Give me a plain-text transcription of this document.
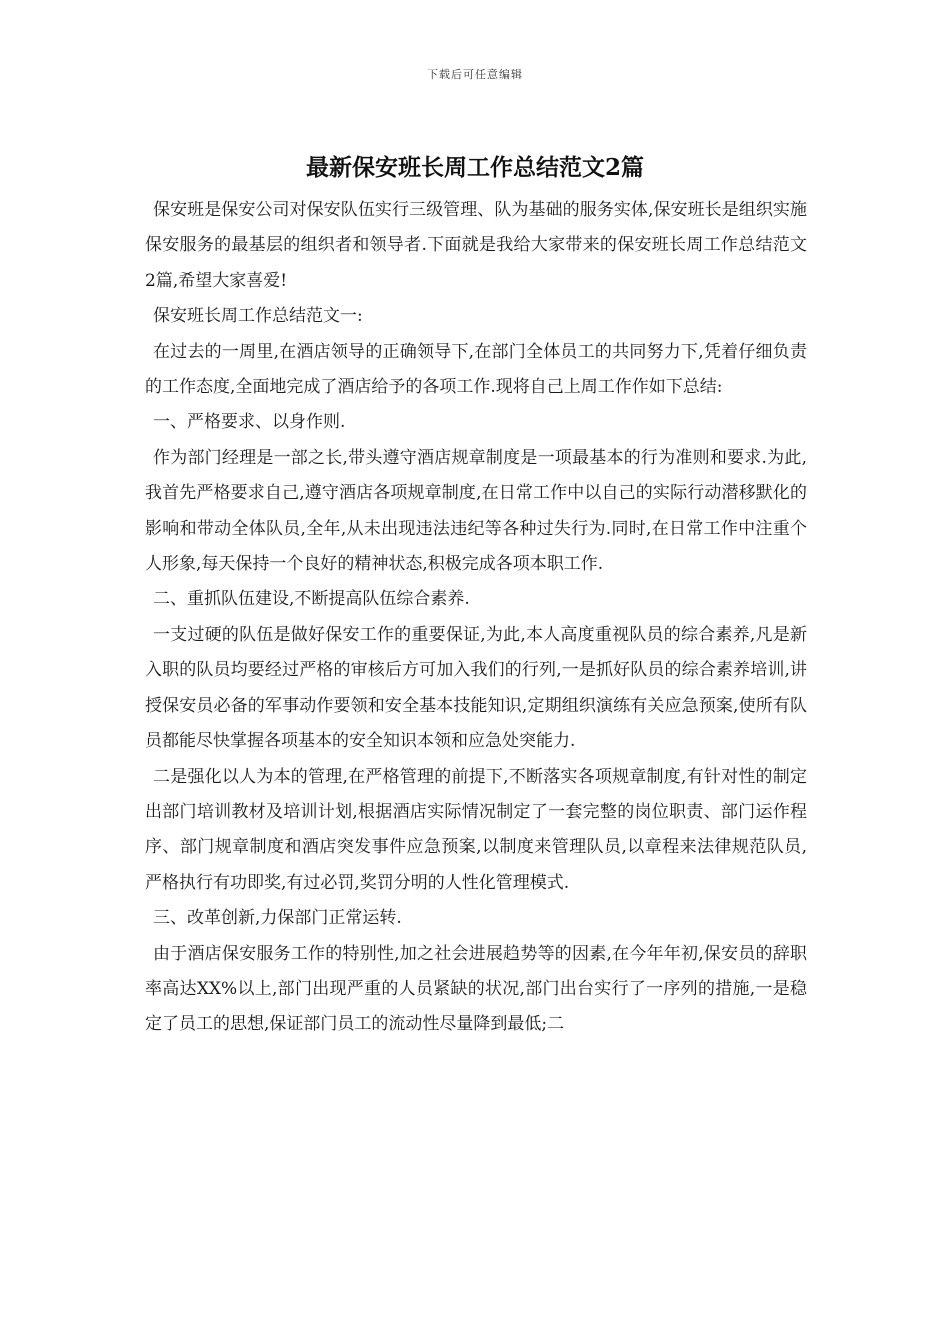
下载后可任意编辑
最新保安班长周工作总结范文2篇

保安班是保安公司对保安队伍实行三级管理、队为基础的服务实体,保安班长是组织实施保安服务的最基层的组织者和领导者.下面就是我给大家带来的保安班长周工作总结范文2篇,希望大家喜爱!

保安班长周工作总结范文一:

在过去的一周里,在酒店领导的正确领导下,在部门全体员工的共同努力下,凭着仔细负责的工作态度,全面地完成了酒店给予的各项工作.现将自己上周工作作如下总结:

一、严格要求、以身作则.

作为部门经理是一部之长,带头遵守酒店规章制度是一项最基本的行为准则和要求.为此,我首先严格要求自己,遵守酒店各项规章制度,在日常工作中以自己的实际行动潜移默化的影响和带动全体队员,全年,从未出现违法违纪等各种过失行为.同时,在日常工作中注重个人形象,每天保持一个良好的精神状态,积极完成各项本职工作.

二、重抓队伍建设,不断提高队伍综合素养.

一支过硬的队伍是做好保安工作的重要保证,为此,本人高度重视队员的综合素养,凡是新入职的队员均要经过严格的审核后方可加入我们的行列,一是抓好队员的综合素养培训,讲授保安员必备的军事动作要领和安全基本技能知识,定期组织演练有关应急预案,使所有队员都能尽快掌握各项基本的安全知识本领和应急处突能力.

二是强化以人为本的管理,在严格管理的前提下,不断落实各项规章制度,有针对性的制定出部门培训教材及培训计划,根据酒店实际情况制定了一套完整的岗位职责、部门运作程序、部门规章制度和酒店突发事件应急预案,以制度来管理队员,以章程来法律规范队员,严格执行有功即奖,有过必罚,奖罚分明的人性化管理模式.

三、改革创新,力保部门正常运转.

由于酒店保安服务工作的特别性,加之社会进展趋势等的因素,在今年年初,保安员的辞职率高达XX%以上,部门出现严重的人员紧缺的状况,部门出台实行了一序列的措施,一是稳定了员工的思想,保证部门员工的流动性尽量降到最低;二
